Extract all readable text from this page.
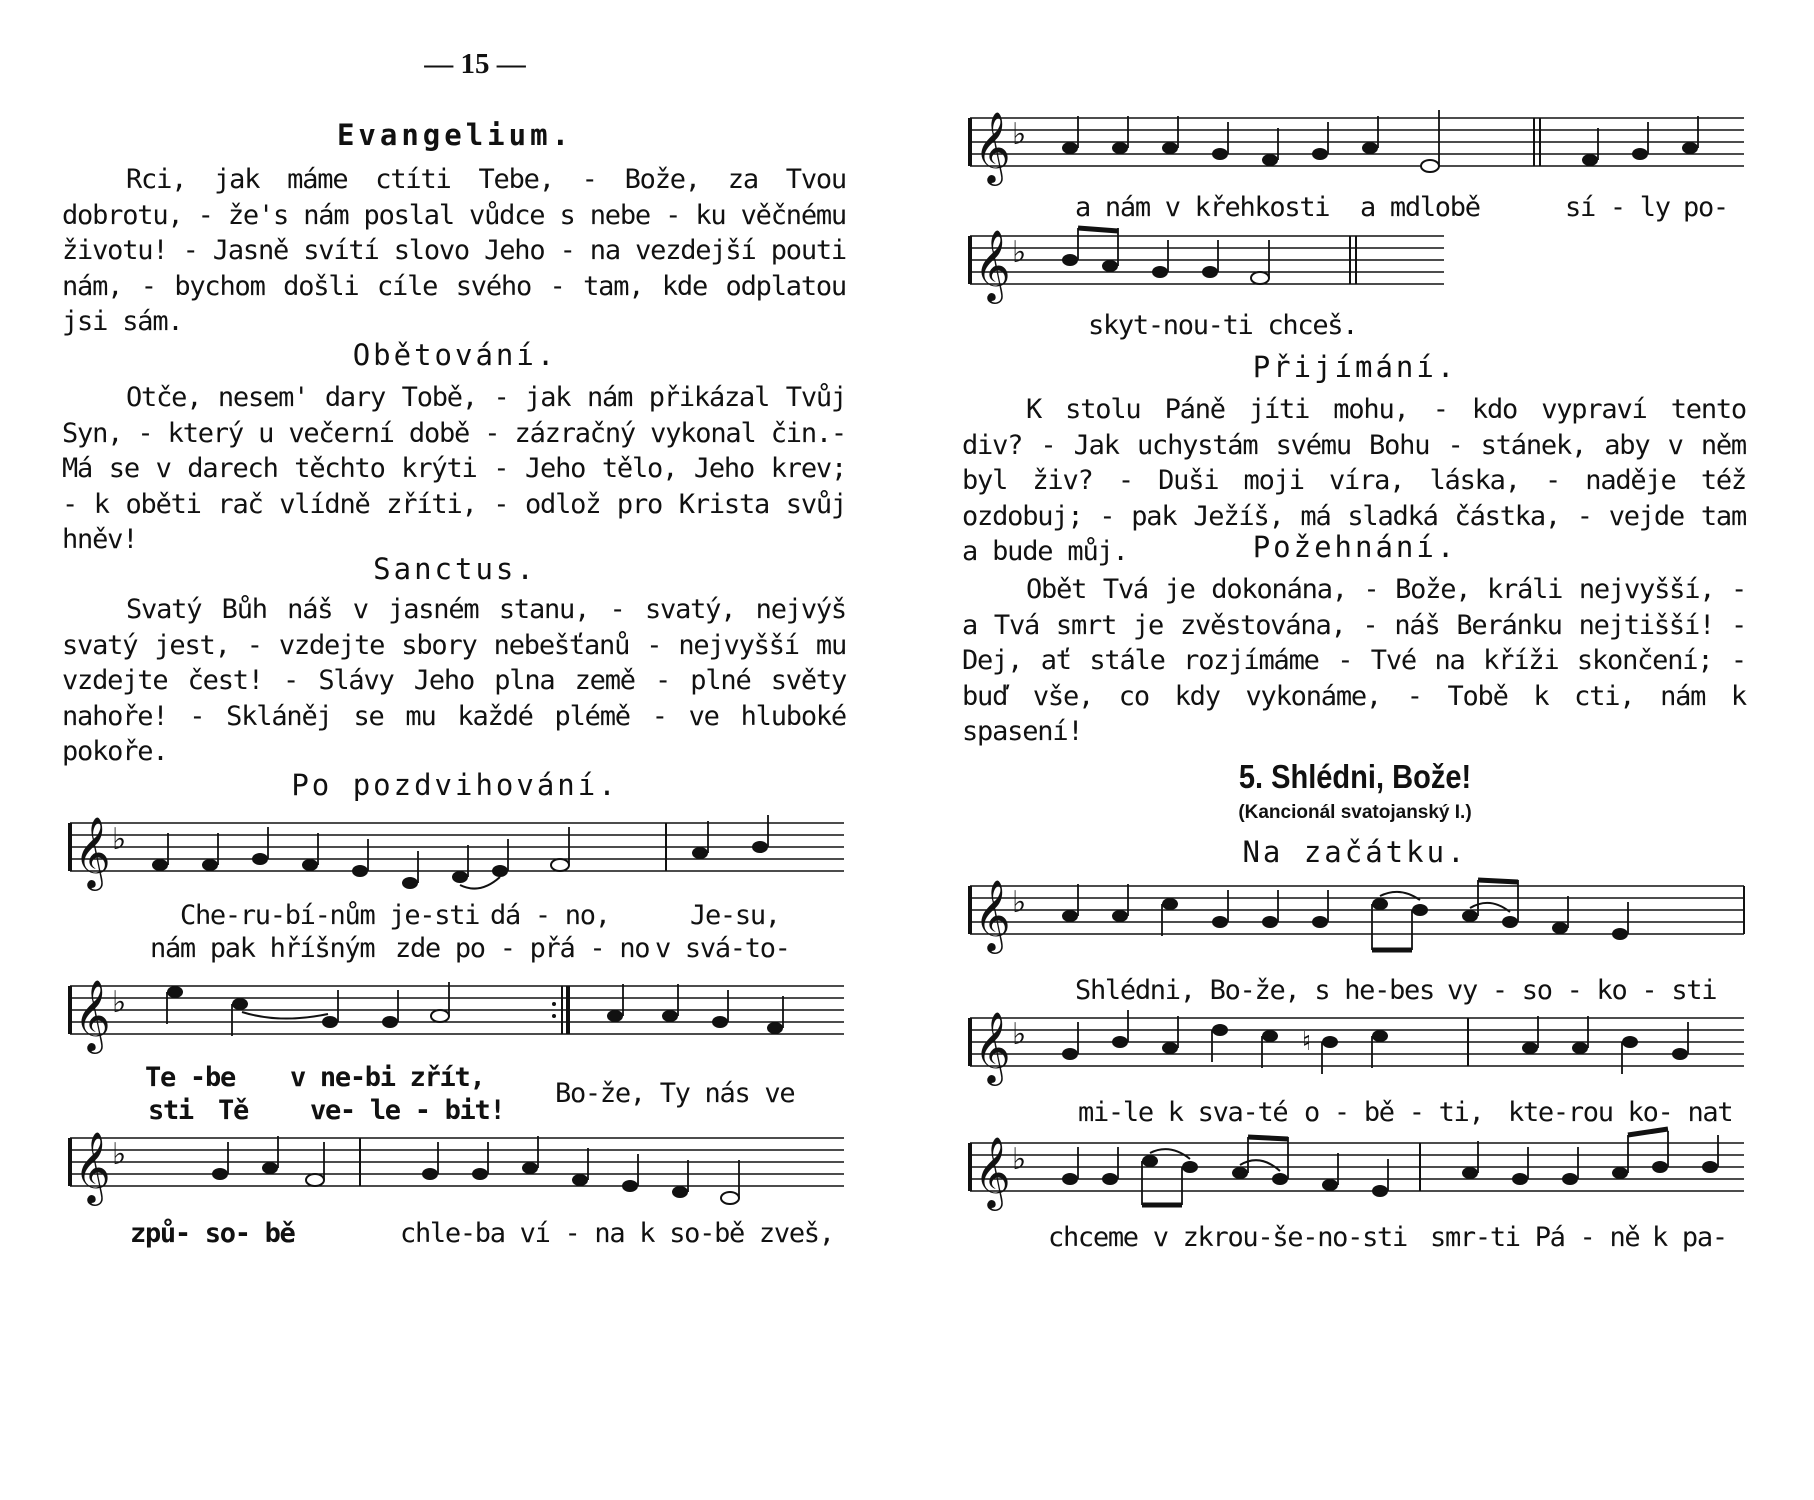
— 15 —
Evangelium.

Rci, jak máme ctíti Tebe, - Bože, za Tvou dobrotu, - že's nám poslal vůdce s nebe - ku věčnému životu! - Jasně svítí slovo Jeho - na vezdejší pouti nám, - bychom došli cíle svého - tam, kde odplatou jsi sám.

Obětování.

Otče, nesem' dary Tobě, - jak nám přikázal Tvůj Syn, - který u večerní době - zázračný vykonal čin.- Má se v darech těchto krýti - Jeho tělo, Jeho krev; - k oběti rač vlídně zříti, - odlož pro Krista svůj hněv!

Sanctus.

Svatý Bůh náš v jasném stanu, - svatý, nejvýš svatý jest, - vzdejte sbory nebešťanů - nejvyšší mu vzdejte čest! - Slávy Jeho plna země - plné světy nahoře! - Skláněj se mu každé plémě - ve hluboké pokoře.

Po pozdvihování.
𝄞 ♭
Che-ru-bí-nům je-sti dá - no,	Je-su,
nám pak hříšným zde po - přá - no v svá-to-
𝄞 ♭
Te - be v ne-bi zřít,
sti Tě ve- le - bit!
Bo-že, Ty nás ve
𝄞 ♭
způ- so- bě	chle-ba ví - na k so-bě zveš,
𝄞 ♭
a nám v křehkosti a mdlobě	sí - ly po-
𝄞 ♭
skyt-nou-ti chceš.
Přijímání.

K stolu Páně jíti mohu, - kdo vypraví tento div? - Jak uchystám svému Bohu - stánek, aby v něm byl živ? - Duši moji víra, láska, - naděje též ozdobuj; - pak Ježíš, má sladká částka, - vejde tam a bude můj.	Požehnání.

Obět Tvá je dokonána, - Bože, králi nejvyšší, - a Tvá smrt je zvěstována, - náš Beránku nejtišší! - Dej, ať stále rozjímáme - Tvé na kříži skončení; - buď vše, co kdy vykonáme, - Tobě k cti, nám k spasení!

5. Shlédni, Bože!
(Kancionál svatojanský I.)
Na začátku.
𝄞 ♭
Shlédni, Bo-že, s he-bes vy - so - ko - sti
𝄞 ♭	♮
mi-le k sva-té o - bě - ti, kte-rou ko- nat
𝄞 ♭
chceme v zkrou-še-no-sti smr-ti Pá - ně k pa-
